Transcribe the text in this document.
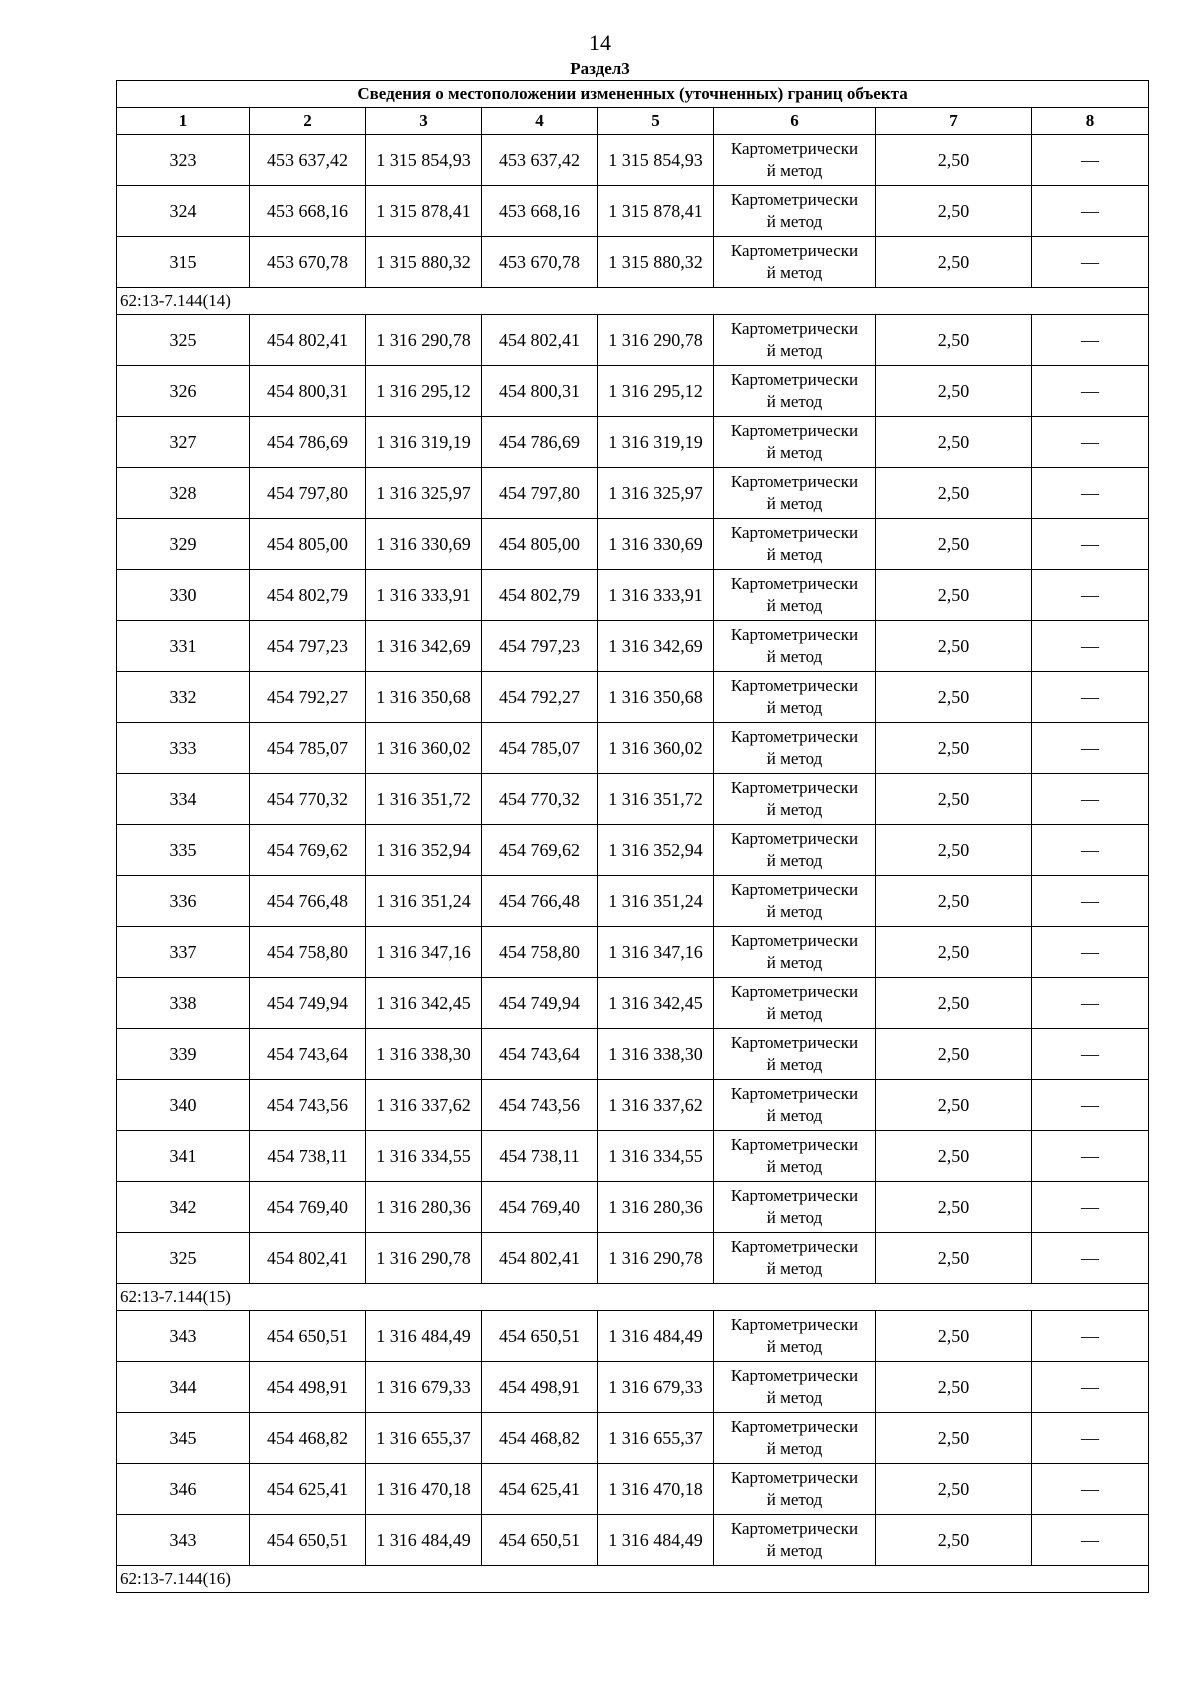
14
Раздел3
Сведения о местоположении измененных (уточненных) границ объекта							
1	2	3	4	5	6	7	8
323	453 637,42	1 315 854,93	453 637,42	1 315 854,93	Картометрически
й метод	2,50	—
324	453 668,16	1 315 878,41	453 668,16	1 315 878,41	Картометрически
й метод	2,50	—
315	453 670,78	1 315 880,32	453 670,78	1 315 880,32	Картометрически
й метод	2,50	—
62:13-7.144(14)							
325	454 802,41	1 316 290,78	454 802,41	1 316 290,78	Картометрически
й метод	2,50	—
326	454 800,31	1 316 295,12	454 800,31	1 316 295,12	Картометрически
й метод	2,50	—
327	454 786,69	1 316 319,19	454 786,69	1 316 319,19	Картометрически
й метод	2,50	—
328	454 797,80	1 316 325,97	454 797,80	1 316 325,97	Картометрически
й метод	2,50	—
329	454 805,00	1 316 330,69	454 805,00	1 316 330,69	Картометрически
й метод	2,50	—
330	454 802,79	1 316 333,91	454 802,79	1 316 333,91	Картометрически
й метод	2,50	—
331	454 797,23	1 316 342,69	454 797,23	1 316 342,69	Картометрически
й метод	2,50	—
332	454 792,27	1 316 350,68	454 792,27	1 316 350,68	Картометрически
й метод	2,50	—
333	454 785,07	1 316 360,02	454 785,07	1 316 360,02	Картометрически
й метод	2,50	—
334	454 770,32	1 316 351,72	454 770,32	1 316 351,72	Картометрически
й метод	2,50	—
335	454 769,62	1 316 352,94	454 769,62	1 316 352,94	Картометрически
й метод	2,50	—
336	454 766,48	1 316 351,24	454 766,48	1 316 351,24	Картометрически
й метод	2,50	—
337	454 758,80	1 316 347,16	454 758,80	1 316 347,16	Картометрически
й метод	2,50	—
338	454 749,94	1 316 342,45	454 749,94	1 316 342,45	Картометрически
й метод	2,50	—
339	454 743,64	1 316 338,30	454 743,64	1 316 338,30	Картометрически
й метод	2,50	—
340	454 743,56	1 316 337,62	454 743,56	1 316 337,62	Картометрически
й метод	2,50	—
341	454 738,11	1 316 334,55	454 738,11	1 316 334,55	Картометрически
й метод	2,50	—
342	454 769,40	1 316 280,36	454 769,40	1 316 280,36	Картометрически
й метод	2,50	—
325	454 802,41	1 316 290,78	454 802,41	1 316 290,78	Картометрически
й метод	2,50	—
62:13-7.144(15)							
343	454 650,51	1 316 484,49	454 650,51	1 316 484,49	Картометрически
й метод	2,50	—
344	454 498,91	1 316 679,33	454 498,91	1 316 679,33	Картометрически
й метод	2,50	—
345	454 468,82	1 316 655,37	454 468,82	1 316 655,37	Картометрически
й метод	2,50	—
346	454 625,41	1 316 470,18	454 625,41	1 316 470,18	Картометрически
й метод	2,50	—
343	454 650,51	1 316 484,49	454 650,51	1 316 484,49	Картометрически
й метод	2,50	—
62:13-7.144(16)							
